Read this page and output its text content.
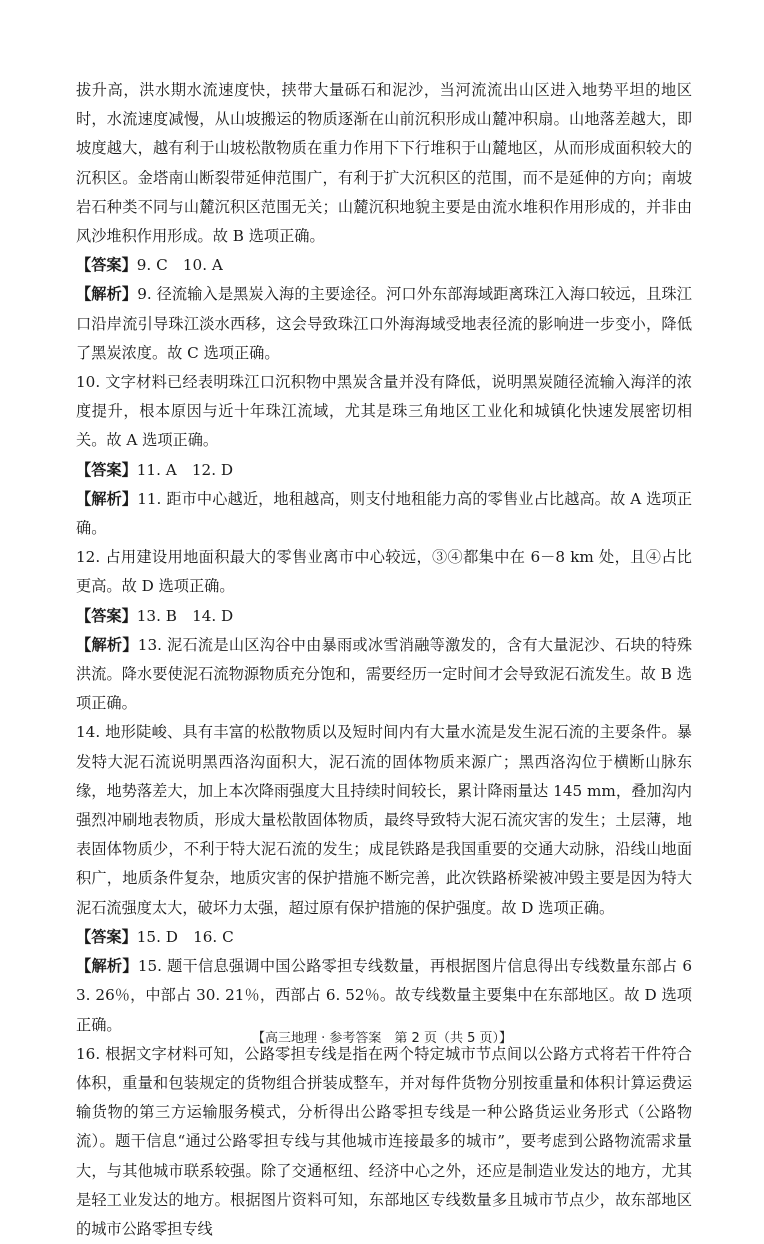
拔升高，洪水期水流速度快，挟带大量砾石和泥沙，当河流流出山区进入地势平坦的地区时，水流速度减慢，从山坡搬运的物质逐渐在山前沉积形成山麓冲积扇。山地落差越大，即坡度越大，越有利于山坡松散物质在重力作用下下行堆积于山麓地区，从而形成面积较大的沉积区。金塔南山断裂带延伸范围广，有利于扩大沉积区的范围，而不是延伸的方向；南坡岩石种类不同与山麓沉积区范围无关；山麓沉积地貌主要是由流水堆积作用形成的，并非由风沙堆积作用形成。故 B 选项正确。

【答案】9. C　10. A

【解析】9. 径流输入是黑炭入海的主要途径。河口外东部海域距离珠江入海口较远，且珠江口沿岸流引导珠江淡水西移，这会导致珠江口外海海域受地表径流的影响进一步变小，降低了黑炭浓度。故 C 选项正确。

10. 文字材料已经表明珠江口沉积物中黑炭含量并没有降低，说明黑炭随径流输入海洋的浓度提升，根本原因与近十年珠江流域，尤其是珠三角地区工业化和城镇化快速发展密切相关。故 A 选项正确。

【答案】11. A　12. D

【解析】11. 距市中心越近，地租越高，则支付地租能力高的零售业占比越高。故 A 选项正确。

12. 占用建设用地面积最大的零售业离市中心较远，③④都集中在 6－8 km 处，且④占比更高。故 D 选项正确。

【答案】13. B　14. D

【解析】13. 泥石流是山区沟谷中由暴雨或冰雪消融等激发的，含有大量泥沙、石块的特殊洪流。降水要使泥石流物源物质充分饱和，需要经历一定时间才会导致泥石流发生。故 B 选项正确。

14. 地形陡峻、具有丰富的松散物质以及短时间内有大量水流是发生泥石流的主要条件。暴发特大泥石流说明黑西洛沟面积大，泥石流的固体物质来源广；黑西洛沟位于横断山脉东缘，地势落差大，加上本次降雨强度大且持续时间较长，累计降雨量达 145 mm，叠加沟内强烈冲刷地表物质，形成大量松散固体物质，最终导致特大泥石流灾害的发生；土层薄，地表固体物质少，不利于特大泥石流的发生；成昆铁路是我国重要的交通大动脉，沿线山地面积广，地质条件复杂，地质灾害的保护措施不断完善，此次铁路桥梁被冲毁主要是因为特大泥石流强度太大，破坏力太强，超过原有保护措施的保护强度。故 D 选项正确。

【答案】15. D　16. C

【解析】15. 题干信息强调中国公路零担专线数量，再根据图片信息得出专线数量东部占 63. 26％，中部占 30. 21％，西部占 6. 52％。故专线数量主要集中在东部地区。故 D 选项正确。

16. 根据文字材料可知，公路零担专线是指在两个特定城市节点间以公路方式将若干件符合体积，重量和包装规定的货物组合拼装成整车，并对每件货物分别按重量和体积计算运费运输货物的第三方运输服务模式，分析得出公路零担专线是一种公路货运业务形式（公路物流）。题干信息“通过公路零担专线与其他城市连接最多的城市”，要考虑到公路物流需求量大，与其他城市联系较强。除了交通枢纽、经济中心之外，还应是制造业发达的地方，尤其是轻工业发达的地方。根据图片资料可知，东部地区专线数量多且城市节点少，故东部地区的城市公路零担专线

【高三地理 · 参考答案　第 2 页（共 5 页）】
